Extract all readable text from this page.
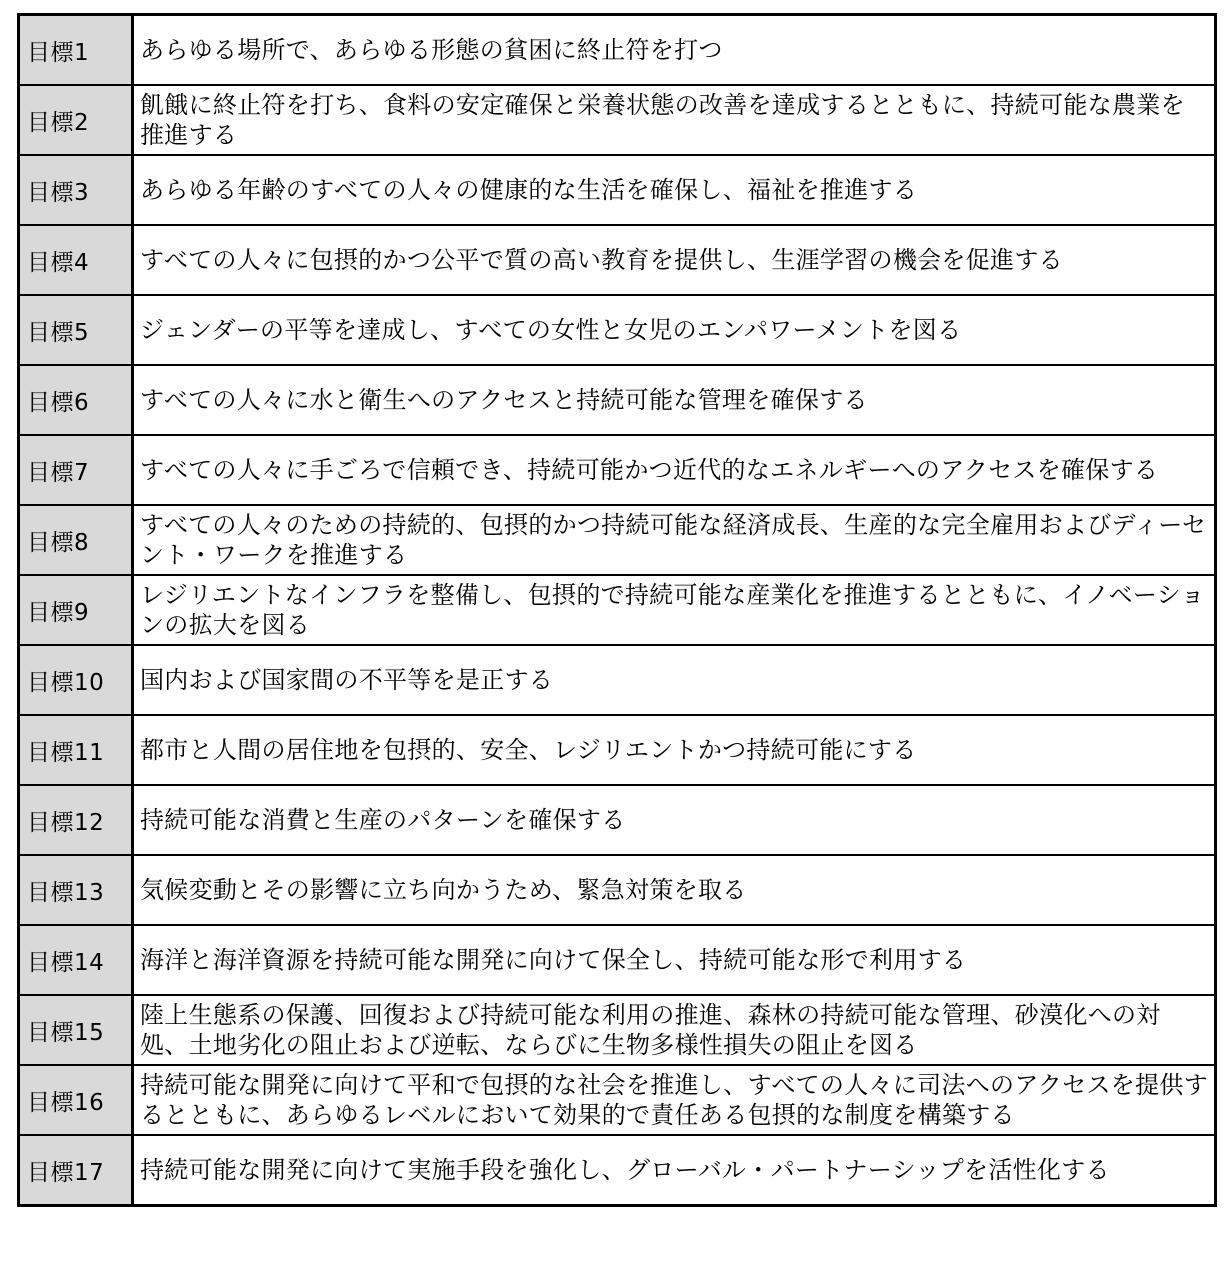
目標1	あらゆる場所で、あらゆる形態の貧困に終止符を打つ
目標2	飢餓に終止符を打ち、食料の安定確保と栄養状態の改善を達成するとともに、持続可能な農業を推進する
目標3	あらゆる年齢のすべての人々の健康的な生活を確保し、福祉を推進する
目標4	すべての人々に包摂的かつ公平で質の高い教育を提供し、生涯学習の機会を促進する
目標5	ジェンダーの平等を達成し、すべての女性と女児のエンパワーメントを図る
目標6	すべての人々に水と衛生へのアクセスと持続可能な管理を確保する
目標7	すべての人々に手ごろで信頼でき、持続可能かつ近代的なエネルギーへのアクセスを確保する
目標8	すべての人々のための持続的、包摂的かつ持続可能な経済成長、生産的な完全雇用およびディーセント・ワークを推進する
目標9	レジリエントなインフラを整備し、包摂的で持続可能な産業化を推進するとともに、イノベーションの拡大を図る
目標10	国内および国家間の不平等を是正する
目標11	都市と人間の居住地を包摂的、安全、レジリエントかつ持続可能にする
目標12	持続可能な消費と生産のパターンを確保する
目標13	気候変動とその影響に立ち向かうため、緊急対策を取る
目標14	海洋と海洋資源を持続可能な開発に向けて保全し、持続可能な形で利用する
目標15	陸上生態系の保護、回復および持続可能な利用の推進、森林の持続可能な管理、砂漠化への対処、土地劣化の阻止および逆転、ならびに生物多様性損失の阻止を図る
目標16	持続可能な開発に向けて平和で包摂的な社会を推進し、すべての人々に司法へのアクセスを提供するとともに、あらゆるレベルにおいて効果的で責任ある包摂的な制度を構築する
目標17	持続可能な開発に向けて実施手段を強化し、グローバル・パートナーシップを活性化する
